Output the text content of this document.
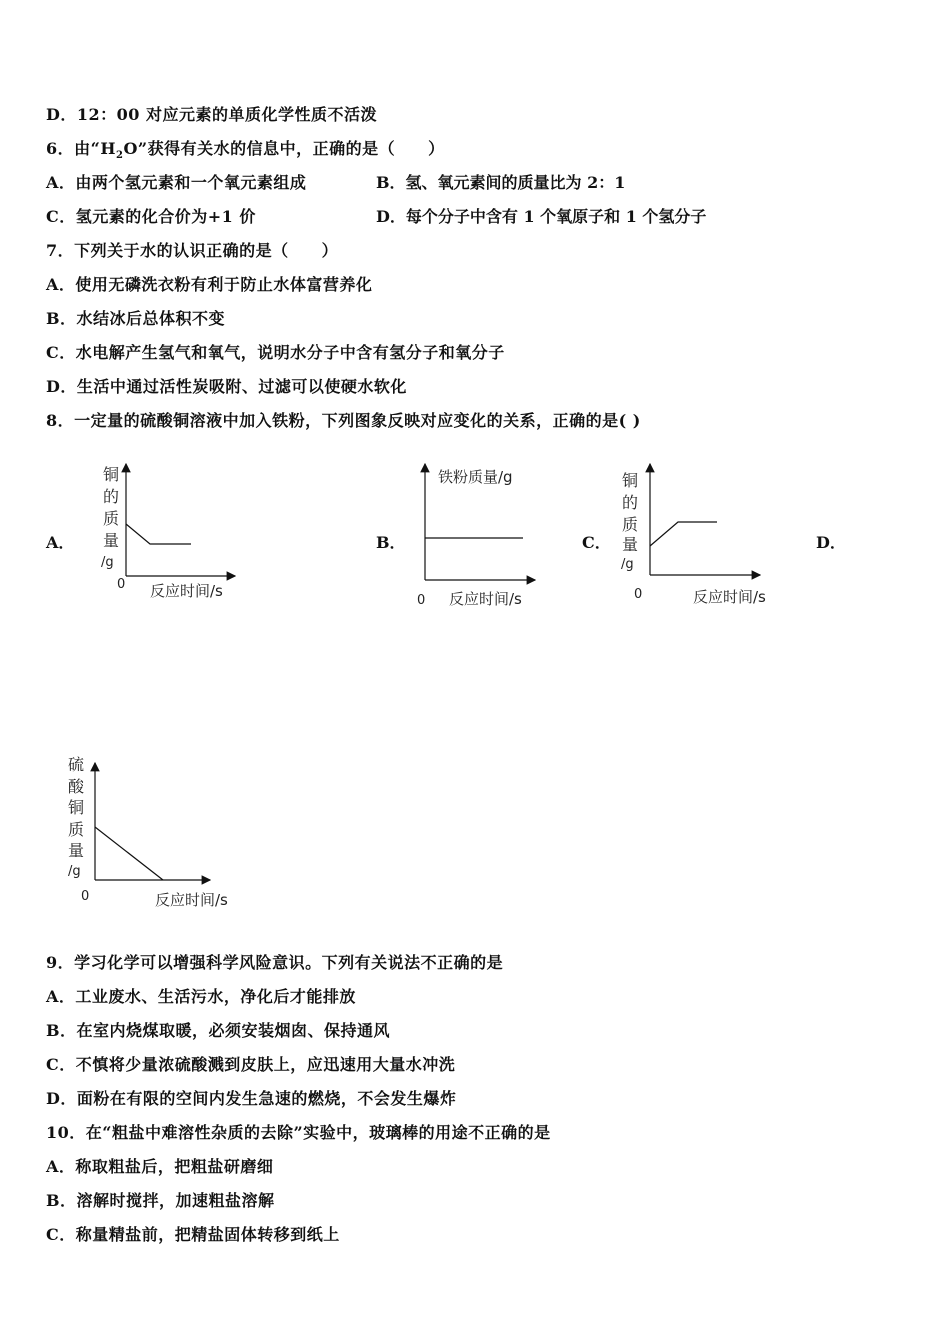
D．12：00 对应元素的单质化学性质不活泼
6．由“$H_2O$”获得有关水的信息中，正确的是（　　）
A．由两个氢元素和一个氧元素组成	B．氢、氧元素间的质量比为 2：1
C．氢元素的化合价为+1 价	D．每个分子中含有 1 个氧原子和 1 个氢分子
7．下列关于水的认识正确的是（　　）
A．使用无磷洗衣粉有利于防止水体富营养化
B．水结冰后总体积不变
C．水电解产生氢气和氧气，说明水分子中含有氢分子和氧分子
D．生活中通过活性炭吸附、过滤可以使硬水软化
8．一定量的硫酸铜溶液中加入铁粉，下列图象反映对应变化的关系，正确的是( )
A．	B．	C．	D．
铜
的
质
量
/g
0 反应时间/s
铁粉质量/g
0 反应时间/s
铜
的
质
量
/g
0	反应时间/s
硫
酸
铜
质
量
/g
0	反应时间/s
9．学习化学可以增强科学风险意识。下列有关说法不正确的是
A．工业废水、生活污水，净化后才能排放
B．在室内烧煤取暖，必须安装烟囱、保持通风
C．不慎将少量浓硫酸溅到皮肤上，应迅速用大量水冲洗
D．面粉在有限的空间内发生急速的燃烧，不会发生爆炸
10．在“粗盐中难溶性杂质的去除”实验中，玻璃棒的用途不正确的是
A．称取粗盐后，把粗盐研磨细
B．溶解时搅拌，加速粗盐溶解
C．称量精盐前，把精盐固体转移到纸上
